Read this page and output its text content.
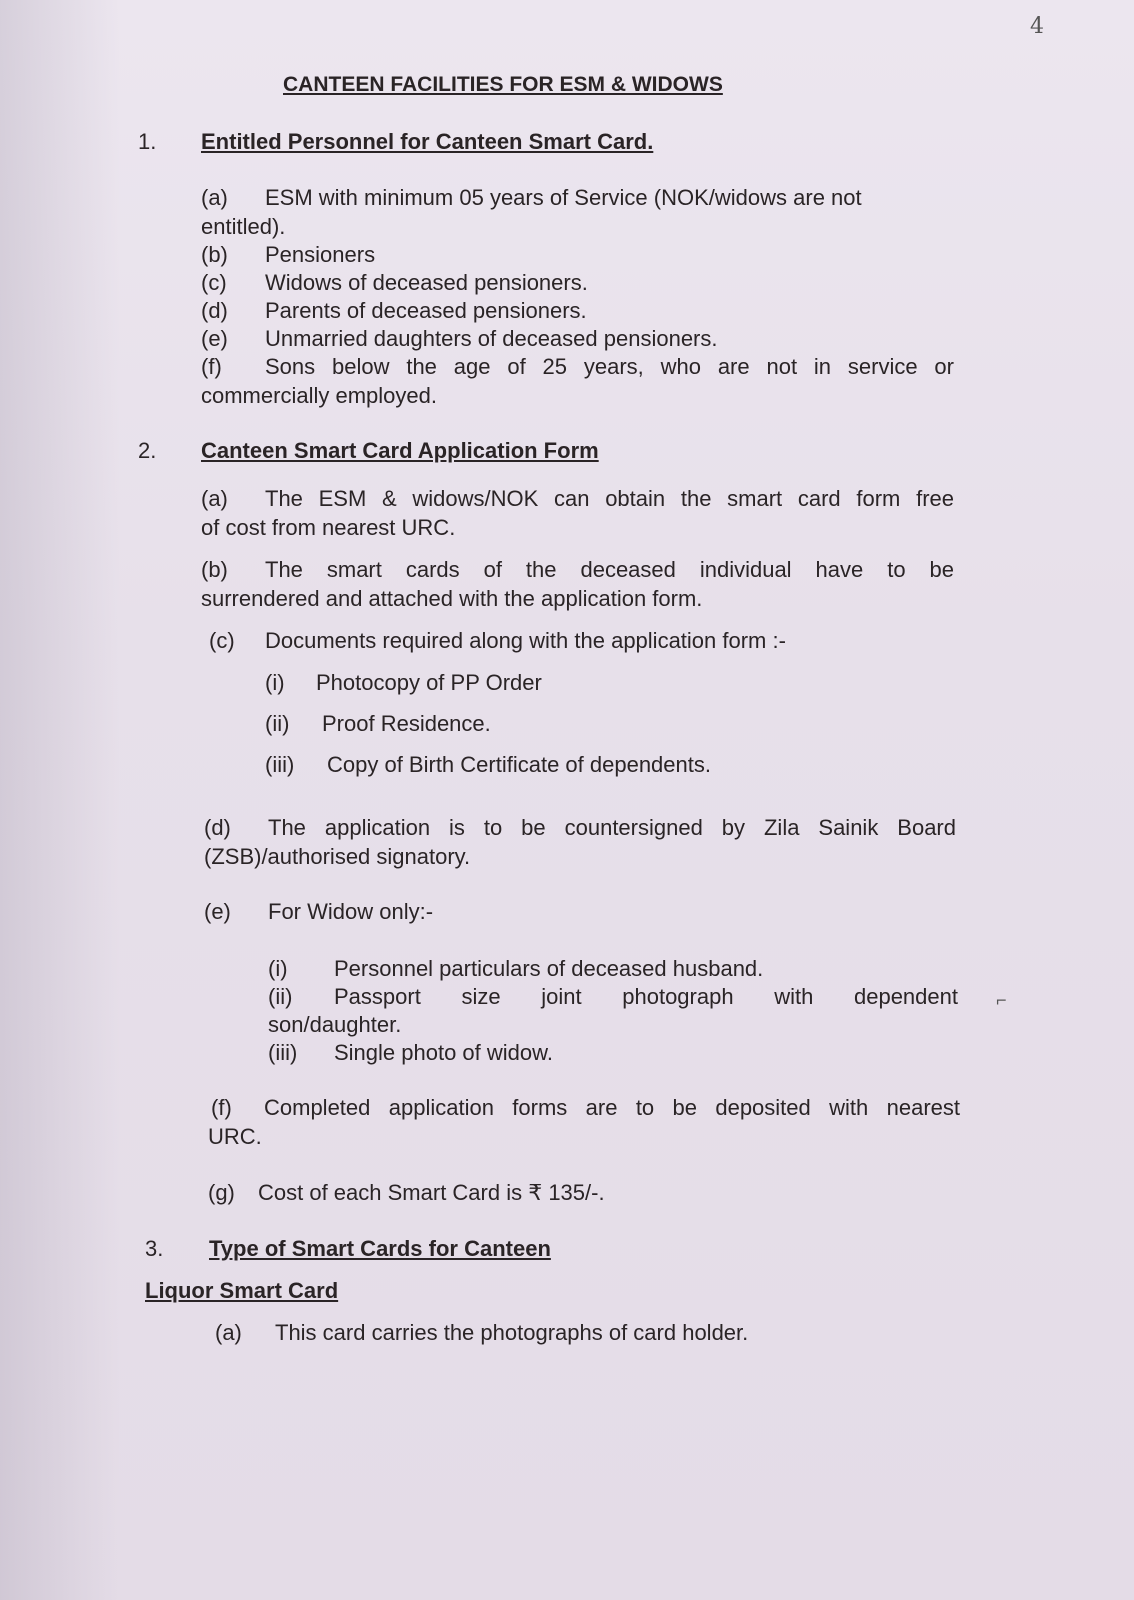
4
⌐
CANTEEN FACILITIES FOR ESM & WIDOWS
1. Entitled Personnel for Canteen Smart Card.
(a) ESM with minimum 05 years of Service (NOK/widows are not
entitled).
(b) Pensioners
(c) Widows of deceased pensioners.
(d) Parents of deceased pensioners.
(e) Unmarried daughters of deceased pensioners.
(f) Sons below the age of 25 years, who are not in service or
commercially employed.
2. Canteen Smart Card Application Form
(a) The ESM & widows/NOK can obtain the smart card form free
of cost from nearest URC.
(b) The smart cards of the deceased individual have to be
surrendered and attached with the application form.
(c) Documents required along with the application form :-
(i) Photocopy of PP Order
(ii) Proof Residence.
(iii) Copy of Birth Certificate of dependents.
(d) The application is to be countersigned by Zila Sainik Board
(ZSB)/authorised signatory.
(e) For Widow only:-
(i) Personnel particulars of deceased husband.
(ii) Passport size joint photograph with dependent
son/daughter.
(iii) Single photo of widow.
(f) Completed application forms are to be deposited with nearest
URC.
(g) Cost of each Smart Card is ₹ 135/-.
3. Type of Smart Cards for Canteen
Liquor Smart Card
(a) This card carries the photographs of card holder.
